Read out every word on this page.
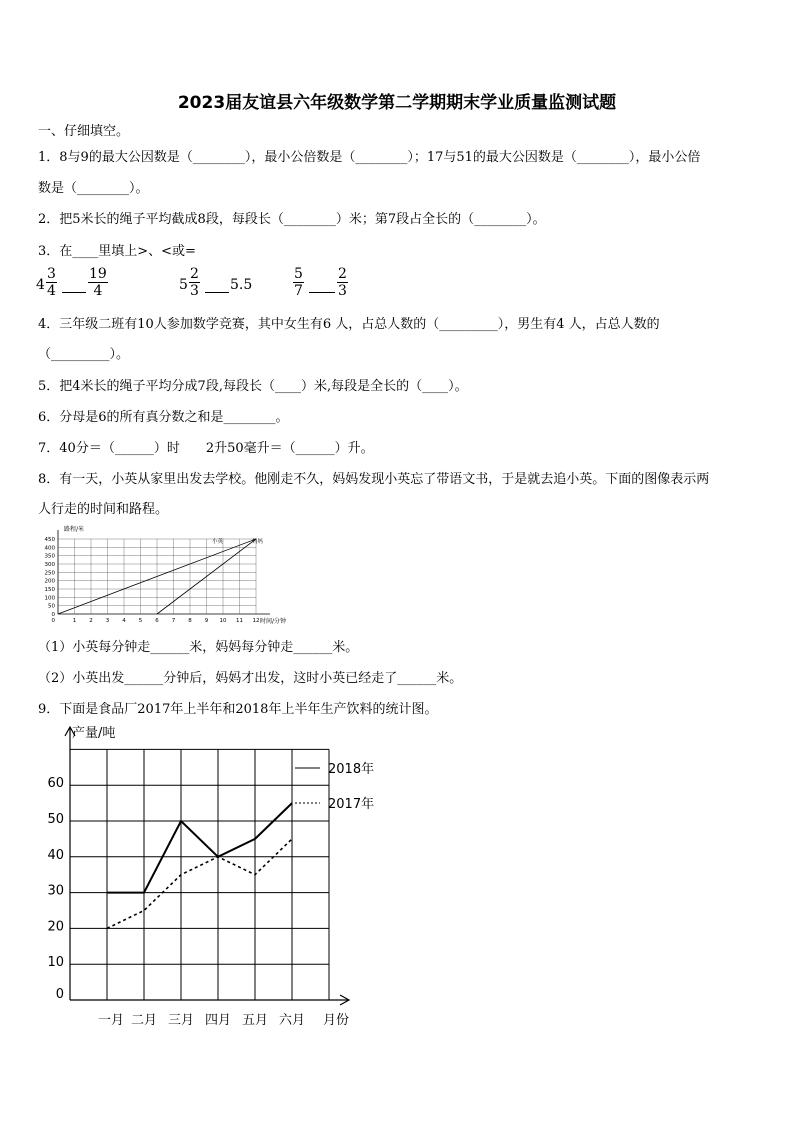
2023届友谊县六年级数学第二学期期末学业质量监测试题
一、仔细填空。
1．8与9的最大公因数是（________），最小公倍数是（________）；17与51的最大公因数是（________），最小公倍
数是（________）。
2．把5米长的绳子平均截成8段，每段长（________）米；第7段占全长的（________）。
3．在____里填上>、<或=
4
3
4
19
4	5
2
3 5.5
5
7
2
3
4．三年级二班有10人参加数学竞赛，其中女生有6 人，占总人数的（_________），男生有4 人，占总人数的
（_________）。
5．把4米长的绳子平均分成7段,每段长（____）米,每段是全长的（____）。
6．分母是6的所有真分数之和是________。
7．40分＝（______）时　　2升50毫升＝（______）升。
8．有一天，小英从家里出发去学校。他刚走不久，妈妈发现小英忘了带语文书，于是就去追小英。下面的图像表示两
人行走的时间和路程。
路程/米
时间/分钟
小英	妈妈
0
50
100
150
200
250
300
350
400
450
1 2 3 4 5 6 7 8 9 10 11 12
0
（1）小英每分钟走______米，妈妈每分钟走______米。
（2）小英出发______分钟后，妈妈才出发，这时小英已经走了______米。
9．下面是食品厂2017年上半年和2018年上半年生产饮料的统计图。
产量/吨
月份
0
10
20
30
40
50
60
一月 二月 三月 四月 五月 六月
2018年
2017年
